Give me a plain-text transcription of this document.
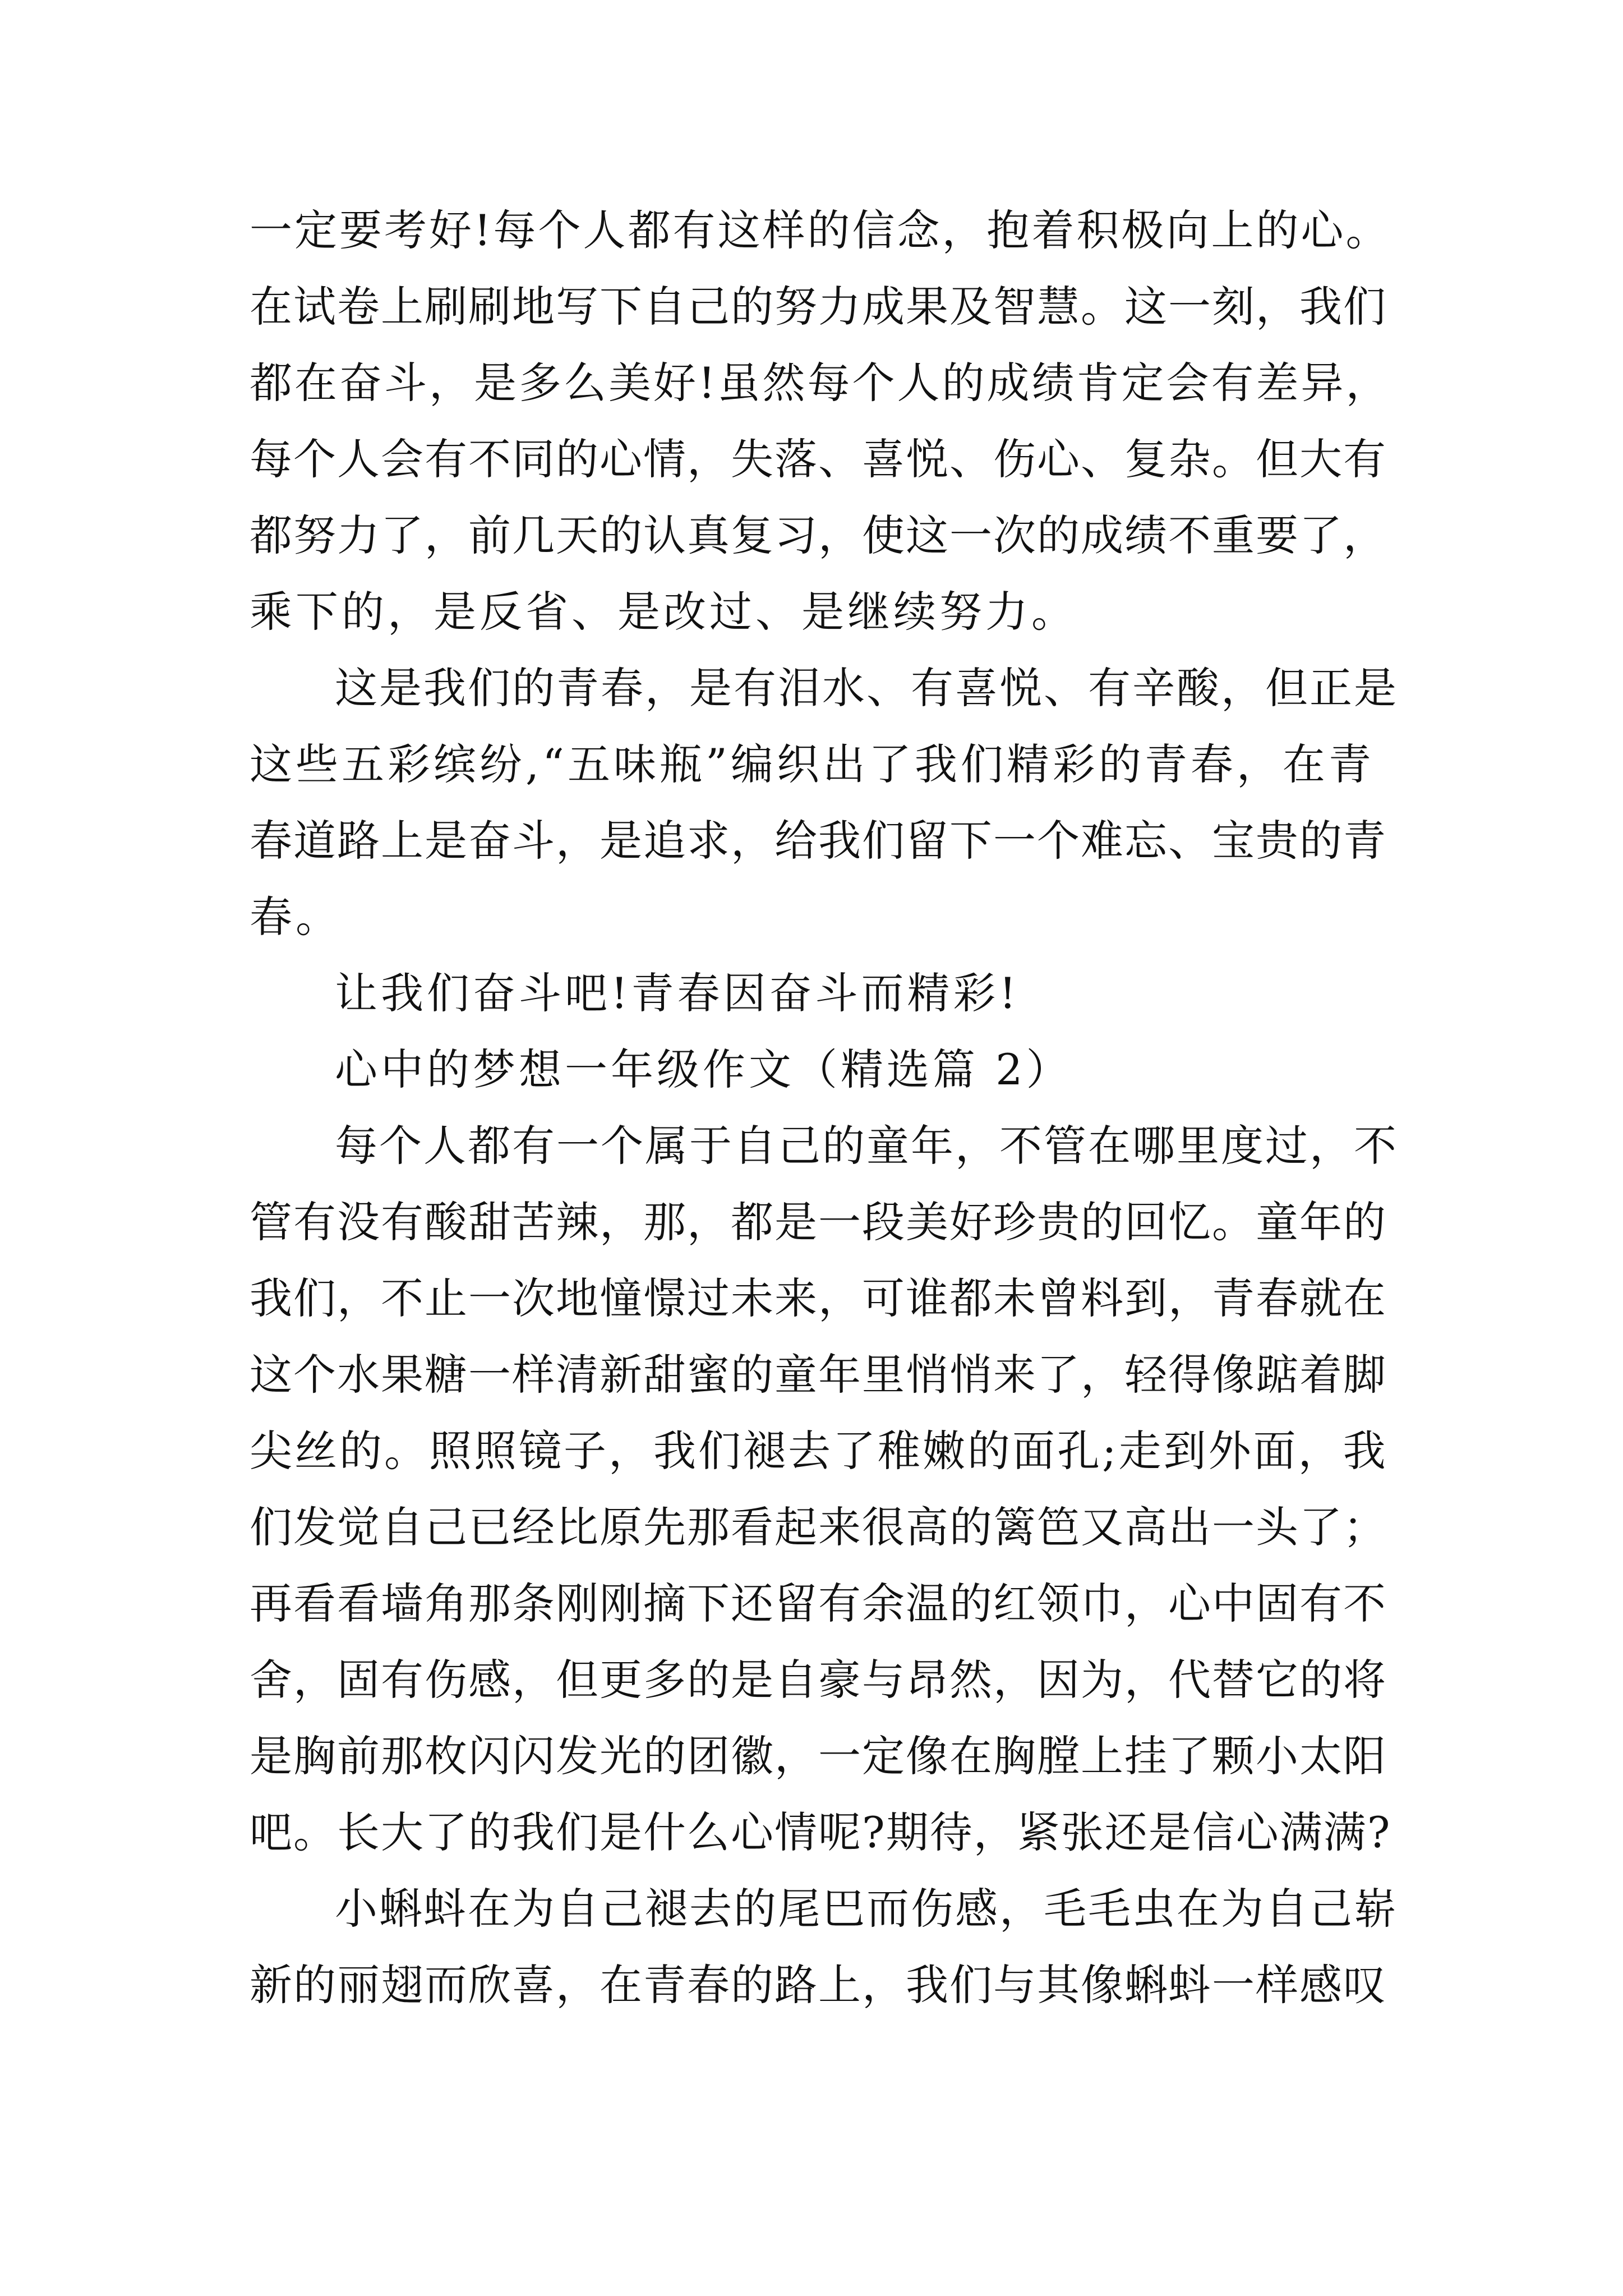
一定要考好!每个人都有这样的信念，抱着积极向上的心。
在试卷上刷刷地写下自己的努力成果及智慧。这一刻，我们
都在奋斗，是多么美好!虽然每个人的成绩肯定会有差异，
每个人会有不同的心情，失落、喜悦、伤心、复杂。但大有
都努力了，前几天的认真复习，使这一次的成绩不重要了，
乘下的，是反省、是改过、是继续努力。
这是我们的青春，是有泪水、有喜悦、有辛酸，但正是
这些五彩缤纷,“五味瓶”编织出了我们精彩的青春，在青
春道路上是奋斗，是追求，给我们留下一个难忘、宝贵的青
春。
让我们奋斗吧!青春因奋斗而精彩!
心中的梦想一年级作文（精选篇 2）
每个人都有一个属于自己的童年，不管在哪里度过，不
管有没有酸甜苦辣，那，都是一段美好珍贵的回忆。童年的
我们，不止一次地憧憬过未来，可谁都未曾料到，青春就在
这个水果糖一样清新甜蜜的童年里悄悄来了，轻得像踮着脚
尖丝的。照照镜子，我们褪去了稚嫩的面孔;走到外面，我
们发觉自己已经比原先那看起来很高的篱笆又高出一头了；
再看看墙角那条刚刚摘下还留有余温的红领巾，心中固有不
舍，固有伤感，但更多的是自豪与昂然，因为，代替它的将
是胸前那枚闪闪发光的团徽，一定像在胸膛上挂了颗小太阳
吧。长大了的我们是什么心情呢?期待，紧张还是信心满满?
小蝌蚪在为自己褪去的尾巴而伤感，毛毛虫在为自己崭
新的丽翅而欣喜，在青春的路上，我们与其像蝌蚪一样感叹
